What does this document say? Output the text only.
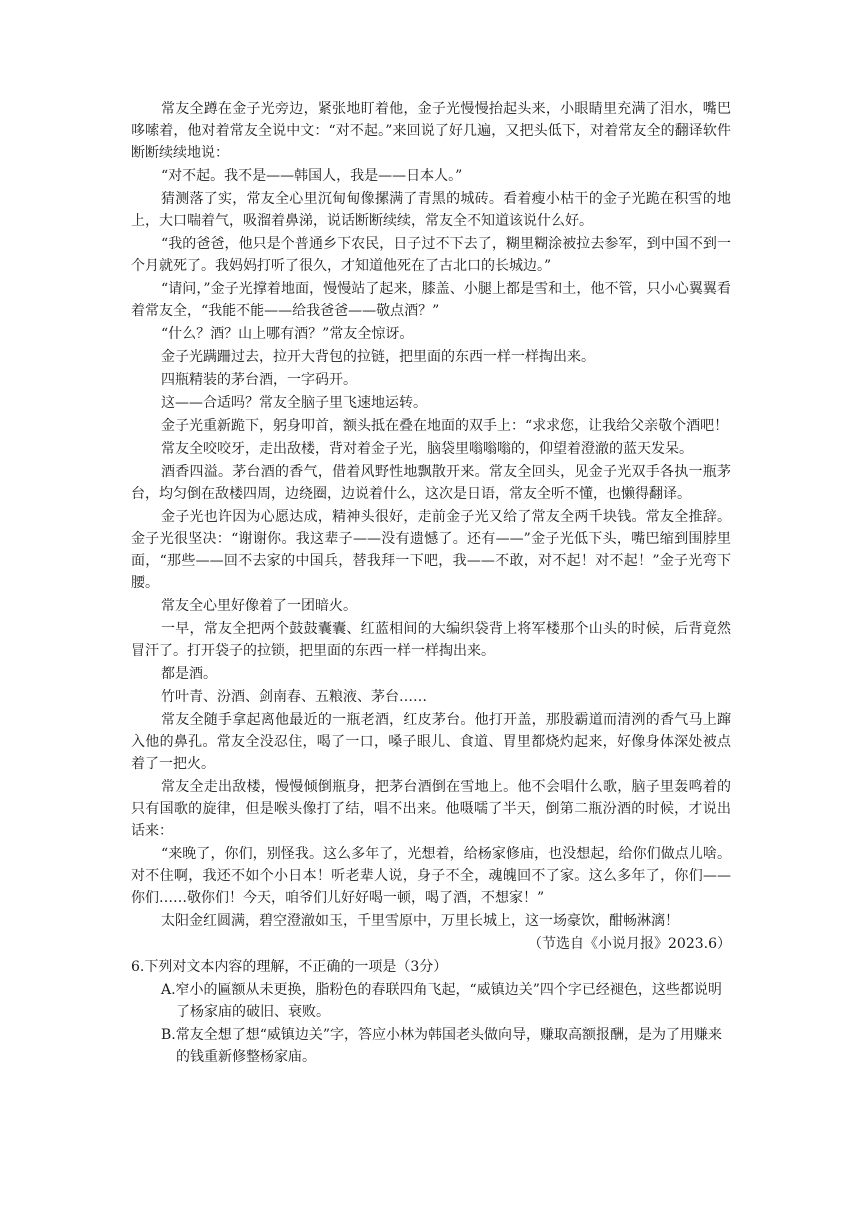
常友全蹲在金子光旁边，紧张地盯着他，金子光慢慢抬起头来，小眼睛里充满了泪水，嘴巴哆嗦着，他对着常友全说中文：“对不起。”来回说了好几遍，又把头低下，对着常友全的翻译软件断断续续地说：

“对不起。我不是——韩国人，我是——日本人。”

猜测落了实，常友全心里沉甸甸像摞满了青黑的城砖。看着瘦小枯干的金子光跪在积雪的地上，大口喘着气，吸溜着鼻涕，说话断断续续，常友全不知道该说什么好。

“我的爸爸，他只是个普通乡下农民，日子过不下去了，糊里糊涂被拉去参军，到中国不到一个月就死了。我妈妈打听了很久，才知道他死在了古北口的长城边。”

“请问，”金子光撑着地面，慢慢站了起来，膝盖、小腿上都是雪和土，他不管，只小心翼翼看着常友全，“我能不能——给我爸爸——敬点酒？”

“什么？酒？山上哪有酒？”常友全惊讶。

金子光蹒跚过去，拉开大背包的拉链，把里面的东西一样一样掏出来。

四瓶精装的茅台酒，一字码开。

这——合适吗？常友全脑子里飞速地运转。

金子光重新跪下，躬身叩首，额头抵在叠在地面的双手上：“求求您，让我给父亲敬个酒吧！

常友全咬咬牙，走出敌楼，背对着金子光，脑袋里嗡嗡嗡的，仰望着澄澈的蓝天发呆。

酒香四溢。茅台酒的香气，借着风野性地飘散开来。常友全回头，见金子光双手各执一瓶茅台，均匀倒在敌楼四周，边绕圈，边说着什么，这次是日语，常友全听不懂，也懒得翻译。

金子光也许因为心愿达成，精神头很好，走前金子光又给了常友全两千块钱。常友全推辞。金子光很坚决：“谢谢你。我这辈子——没有遗憾了。还有——”金子光低下头，嘴巴缩到围脖里面，“那些——回不去家的中国兵，替我拜一下吧，我——不敢，对不起！对不起！”金子光弯下腰。

常友全心里好像着了一团暗火。

一早，常友全把两个鼓鼓囊囊、红蓝相间的大编织袋背上将军楼那个山头的时候，后背竟然冒汗了。打开袋子的拉锁，把里面的东西一样一样掏出来。

都是酒。

竹叶青、汾酒、剑南春、五粮液、茅台……

常友全随手拿起离他最近的一瓶老酒，红皮茅台。他打开盖，那股霸道而清洌的香气马上蹿入他的鼻孔。常友全没忍住，喝了一口，嗓子眼儿、食道、胃里都烧灼起来，好像身体深处被点着了一把火。

常友全走出敌楼，慢慢倾倒瓶身，把茅台酒倒在雪地上。他不会唱什么歌，脑子里轰鸣着的只有国歌的旋律，但是喉头像打了结，唱不出来。他嗫嚅了半天，倒第二瓶汾酒的时候，才说出话来：

“来晚了，你们，别怪我。这么多年了，光想着，给杨家修庙，也没想起，给你们做点儿啥。对不住啊，我还不如个小日本！听老辈人说，身子不全，魂魄回不了家。这么多年了，你们——你们……敬你们！今天，咱爷们儿好好喝一顿，喝了酒，不想家！”

太阳金红圆满，碧空澄澈如玉，千里雪原中，万里长城上，这一场豪饮，酣畅淋漓！

（节选自《小说月报》2023.6）

6.下列对文本内容的理解，不正确的一项是（3分）

A.窄小的匾额从未更换，脂粉色的春联四角飞起，“威镇边关”四个字已经褪色，这些都说明了杨家庙的破旧、衰败。

B.常友全想了想“威镇边关”字，答应小林为韩国老头做向导，赚取高额报酬，是为了用赚来的钱重新修整杨家庙。
